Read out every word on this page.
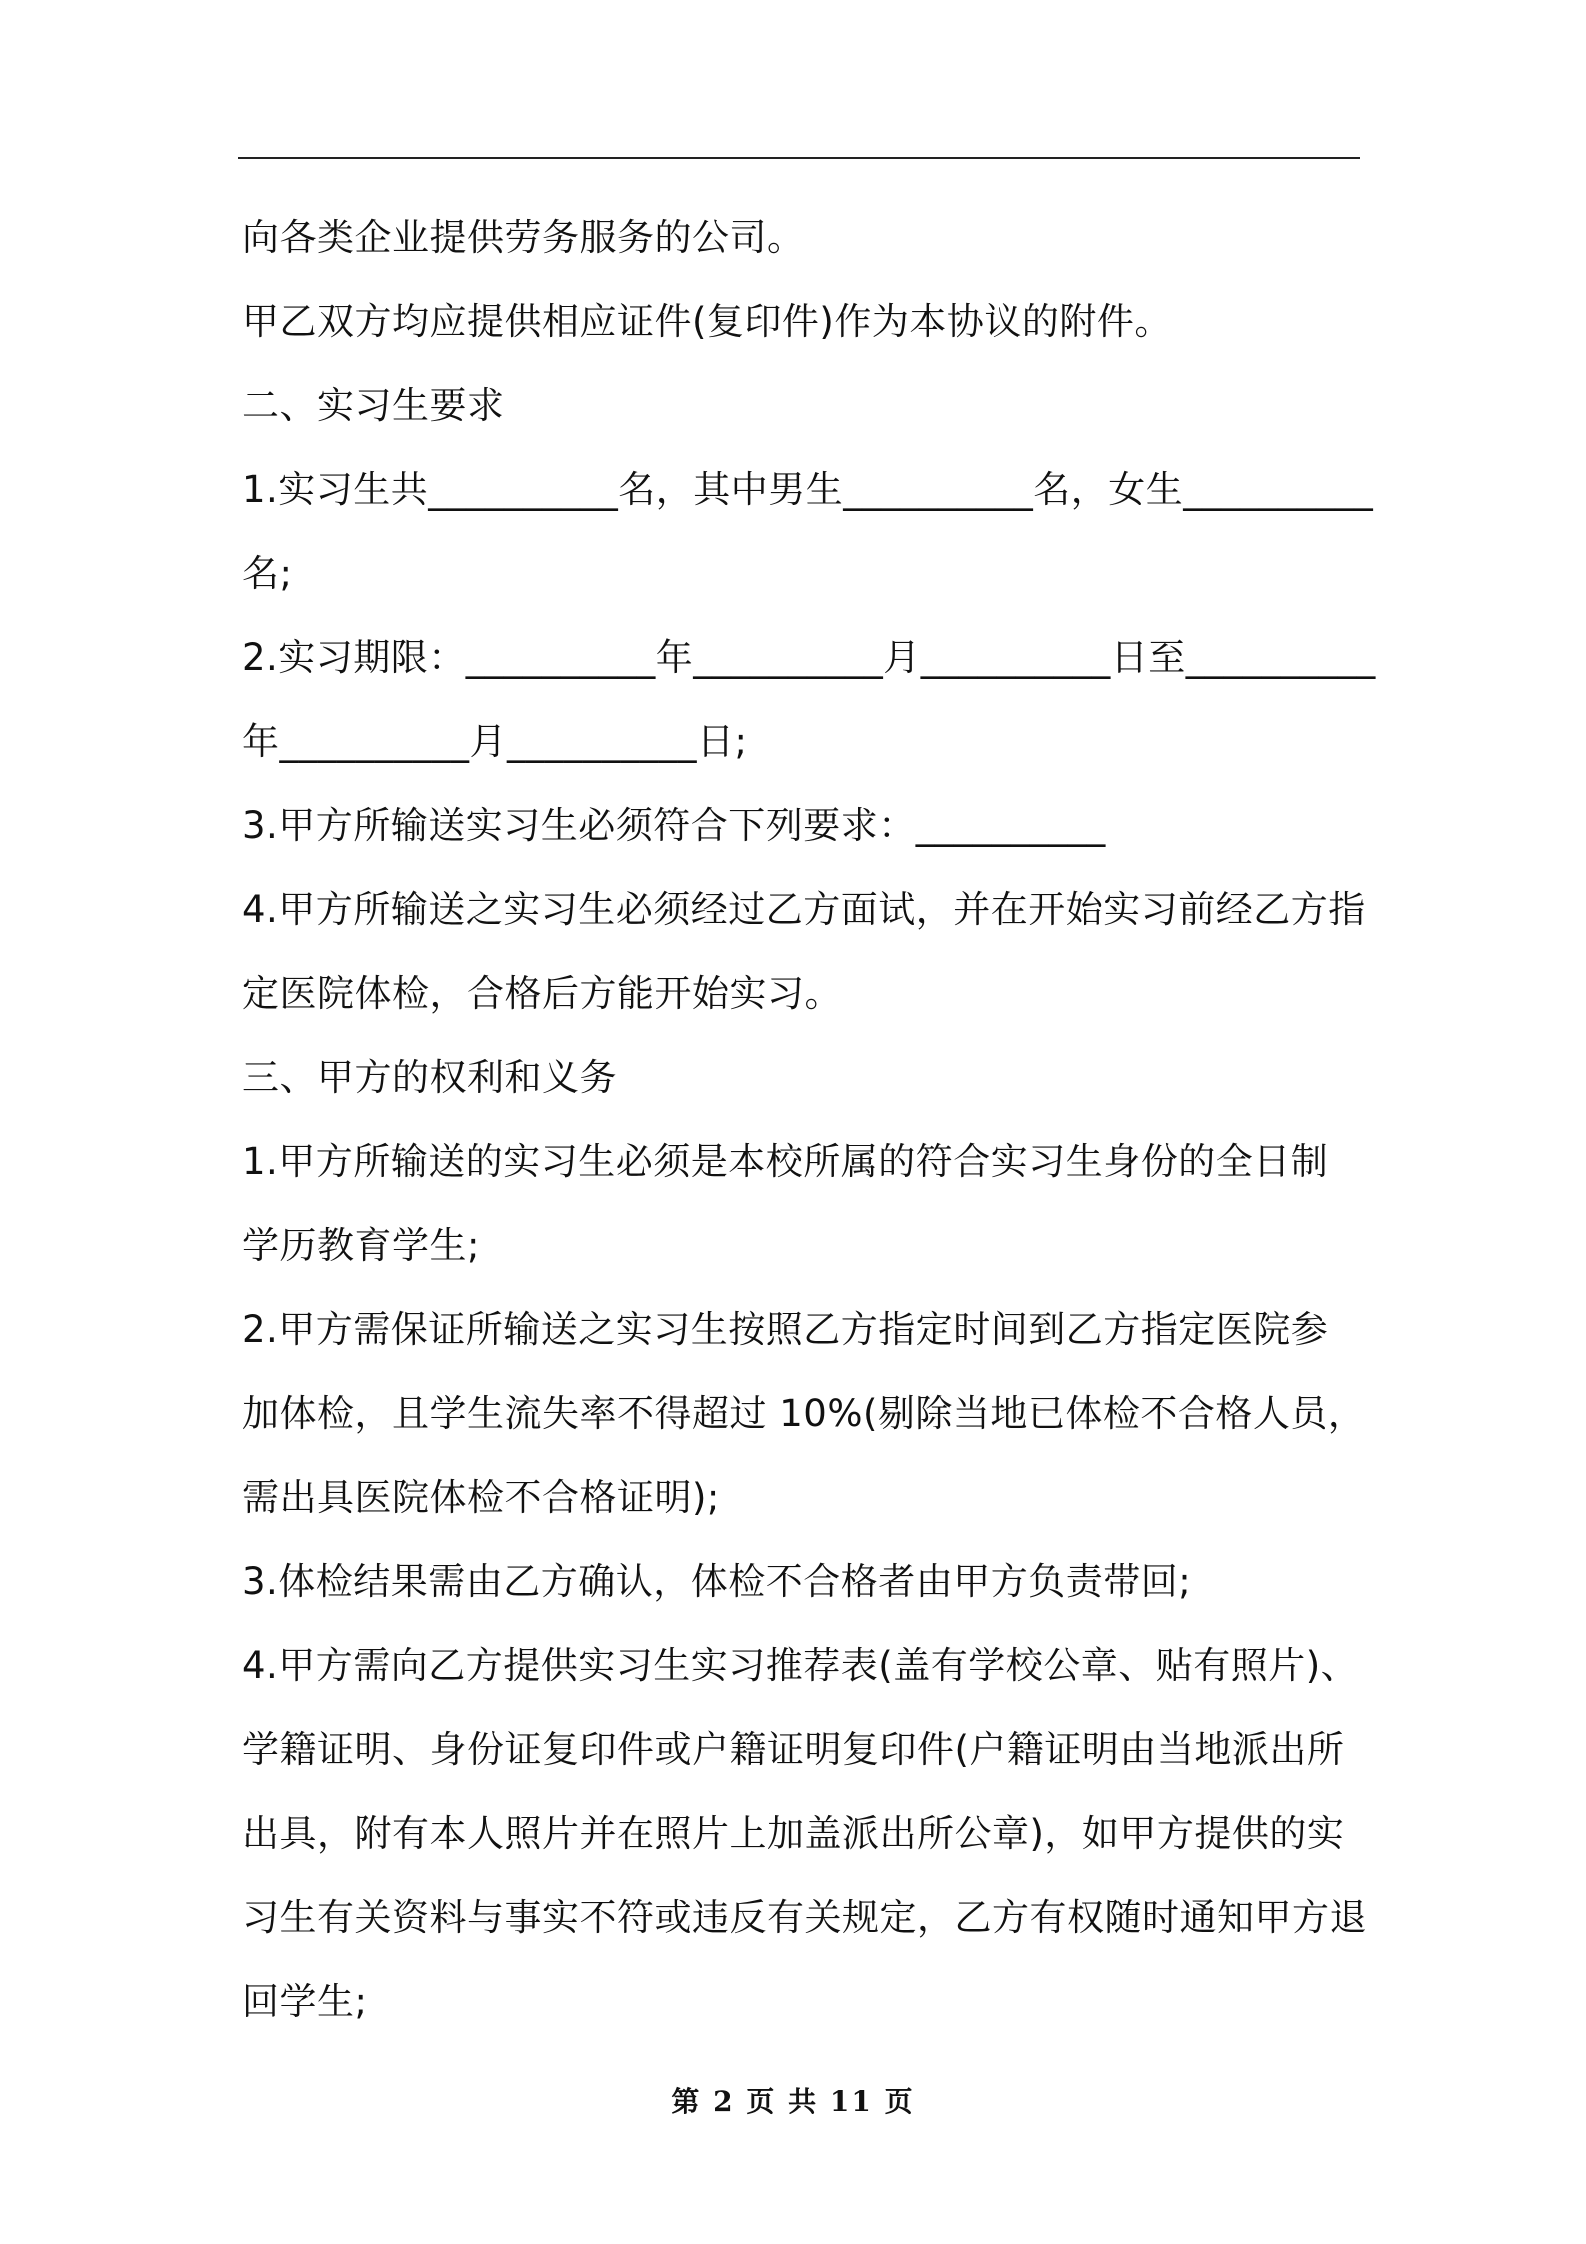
向各类企业提供劳务服务的公司。
甲乙双方均应提供相应证件(复印件)作为本协议的附件。
二、实习生要求
1.实习生共__________名，其中男生__________名，女生__________
名;
2.实习期限：__________年__________月__________日至__________
年__________月__________日;
3.甲方所输送实习生必须符合下列要求：__________
4.甲方所输送之实习生必须经过乙方面试，并在开始实习前经乙方指
定医院体检，合格后方能开始实习。
三、甲方的权利和义务
1.甲方所输送的实习生必须是本校所属的符合实习生身份的全日制
学历教育学生;
2.甲方需保证所输送之实习生按照乙方指定时间到乙方指定医院参
加体检，且学生流失率不得超过 10%(剔除当地已体检不合格人员，
需出具医院体检不合格证明);
3.体检结果需由乙方确认，体检不合格者由甲方负责带回;
4.甲方需向乙方提供实习生实习推荐表(盖有学校公章、贴有照片)、
学籍证明、身份证复印件或户籍证明复印件(户籍证明由当地派出所
出具，附有本人照片并在照片上加盖派出所公章)，如甲方提供的实
习生有关资料与事实不符或违反有关规定，乙方有权随时通知甲方退
回学生;
第 2 页 共 11 页
